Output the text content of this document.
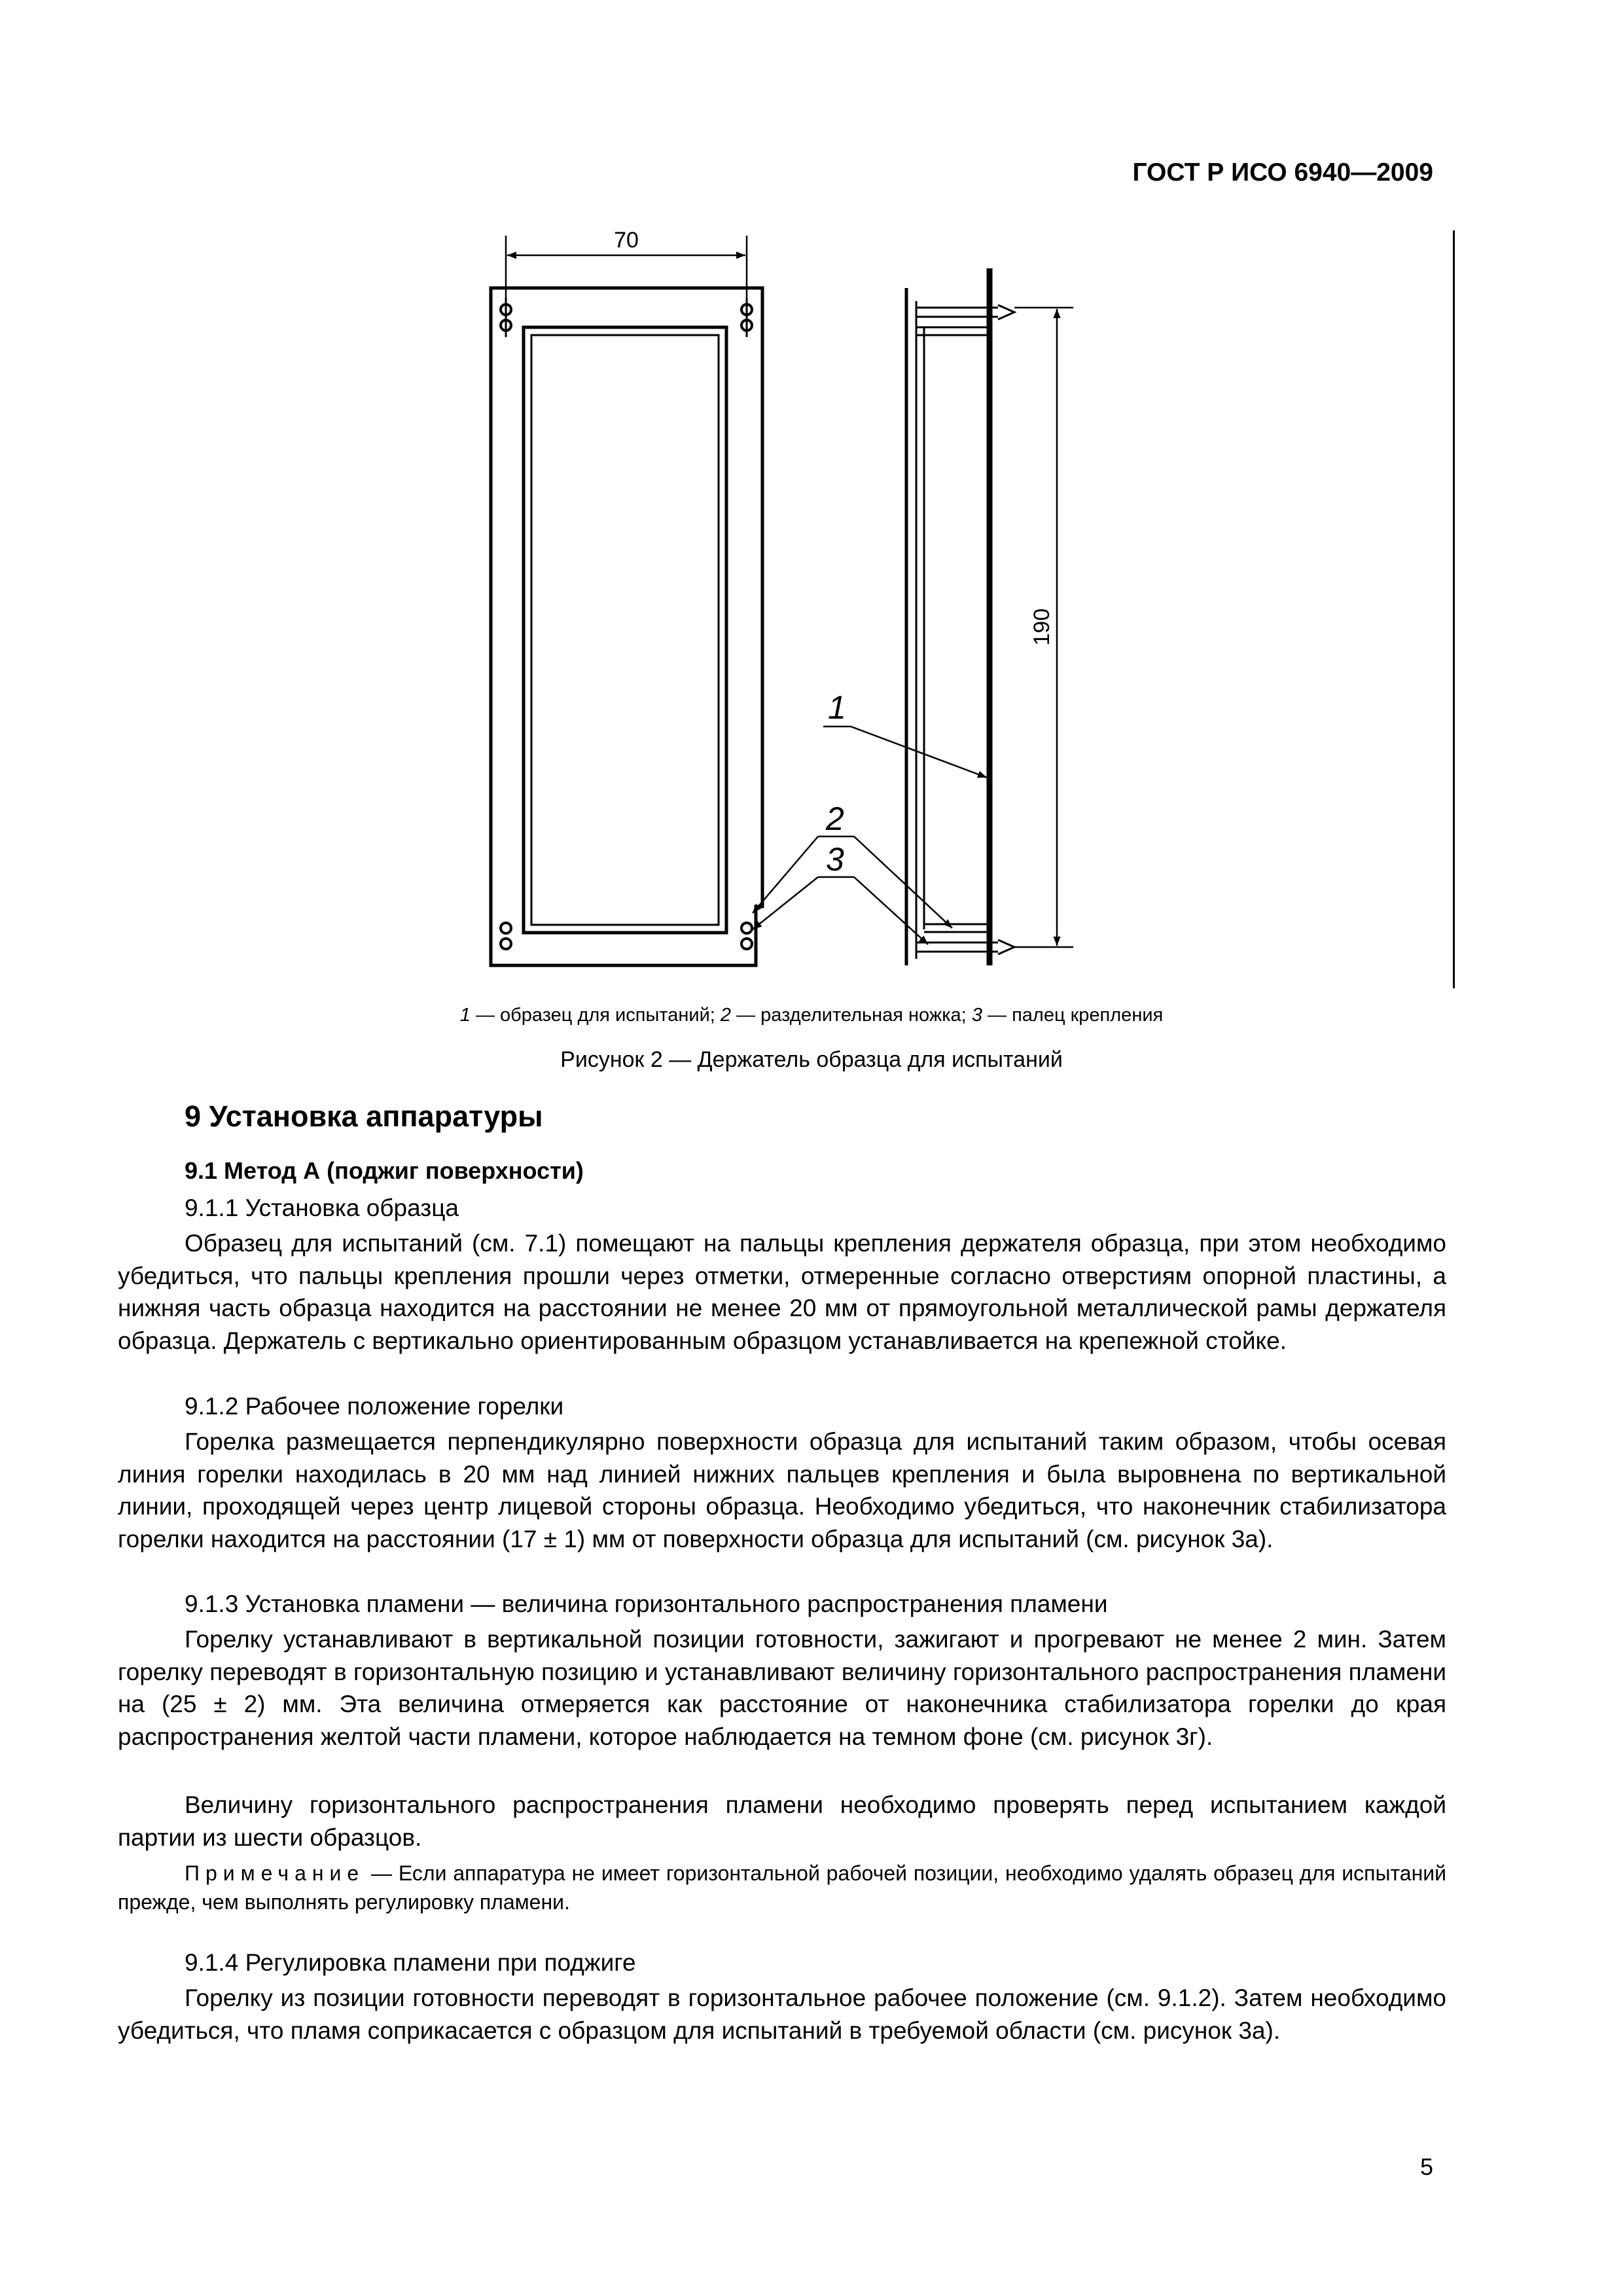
ГОСТ Р ИСО 6940—2009
70
190
1
2
3
1 — образец для испытаний; 2 — разделительная ножка; 3 — палец крепления
Рисунок 2 — Держатель образца для испытаний
9 Установка аппаратуры
9.1 Метод А (поджиг поверхности)
9.1.1 Установка образца
Образец для испытаний (см. 7.1) помещают на пальцы крепления держателя образца, при этом необходимо убедиться, что пальцы крепления прошли через отметки, отмеренные согласно отверстиям опорной пластины, а нижняя часть образца находится на расстоянии не менее 20 мм от прямоугольной металлической рамы держателя образца. Держатель с вертикально ориентированным образцом устанавливается на крепежной стойке.
9.1.2 Рабочее положение горелки
Горелка размещается перпендикулярно поверхности образца для испытаний таким образом, чтобы осевая линия горелки находилась в 20 мм над линией нижних пальцев крепления и была выровнена по вертикальной линии, проходящей через центр лицевой стороны образца. Необходимо убедиться, что наконечник стабилизатора горелки находится на расстоянии (17 ± 1) мм от поверхности образца для испытаний (см. рисунок 3а).
9.1.3 Установка пламени — величина горизонтального распространения пламени
Горелку устанавливают в вертикальной позиции готовности, зажигают и прогревают не менее 2 мин. Затем горелку переводят в горизонтальную позицию и устанавливают величину горизонтального распространения пламени на (25 ± 2) мм. Эта величина отмеряется как расстояние от наконечника стабилизатора горелки до края распространения желтой части пламени, которое наблюдается на темном фоне (см. рисунок 3г).
Величину горизонтального распространения пламени необходимо проверять перед испытанием каждой партии из шести образцов.
Примечание — Если аппаратура не имеет горизонтальной рабочей позиции, необходимо удалять образец для испытаний прежде, чем выполнять регулировку пламени.
9.1.4 Регулировка пламени при поджиге
Горелку из позиции готовности переводят в горизонтальное рабочее положение (см. 9.1.2). Затем необходимо убедиться, что пламя соприкасается с образцом для испытаний в требуемой области (см. рисунок 3а).
5
